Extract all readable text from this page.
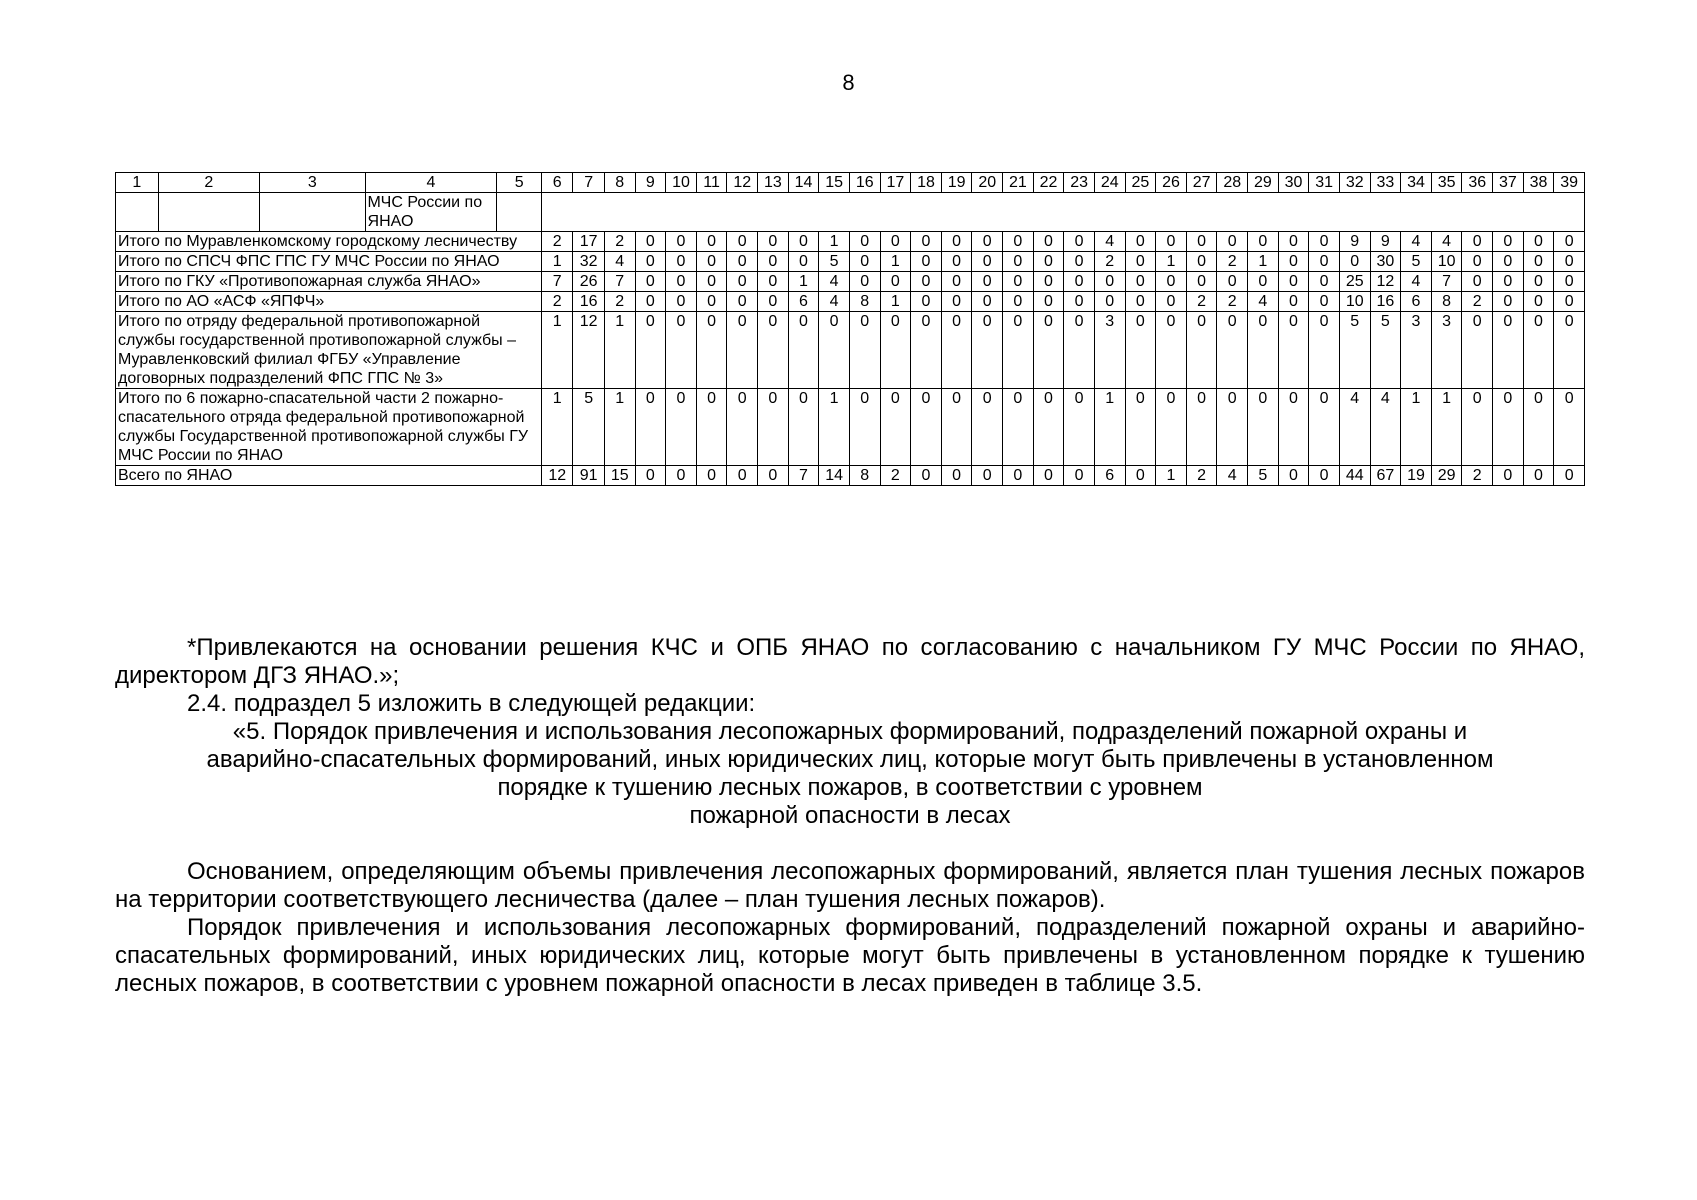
8
1	2	3	4	5	6	7	8	9	10	11	12	13	14	15	16	17	18	19	20	21	22	23	24	25	26	27	28	29	30	31	32	33	34	35	36	37	38	39
			МЧС России по ЯНАО																																			
Итого по Муравленкомскому городскому лесничеству					2	17	2	0	0	0	0	0	0	1	0	0	0	0	0	0	0	0	4	0	0	0	0	0	0	0	9	9	4	4	0	0	0	0
Итого по СПСЧ ФПС ГПС ГУ МЧС России по ЯНАО					1	32	4	0	0	0	0	0	0	5	0	1	0	0	0	0	0	0	2	0	1	0	2	1	0	0	0	30	5	10	0	0	0	0
Итого по ГКУ «Противопожарная служба ЯНАО»					7	26	7	0	0	0	0	0	1	4	0	0	0	0	0	0	0	0	0	0	0	0	0	0	0	0	25	12	4	7	0	0	0	0
Итого по АО «АСФ «ЯПФЧ»					2	16	2	0	0	0	0	0	6	4	8	1	0	0	0	0	0	0	0	0	0	2	2	4	0	0	10	16	6	8	2	0	0	0
Итого по отряду федеральной противопожарной службы государственной противопожарной службы – Муравленковский филиал ФГБУ «Управление договорных подразделений ФПС ГПС № 3»					1	12	1	0	0	0	0	0	0	0	0	0	0	0	0	0	0	0	3	0	0	0	0	0	0	0	5	5	3	3	0	0	0	0
Итого по 6 пожарно-спасательной части 2 пожарно-спасательного отряда федеральной противопожарной службы Государственной противопожарной службы ГУ МЧС России по ЯНАО					1	5	1	0	0	0	0	0	0	1	0	0	0	0	0	0	0	0	1	0	0	0	0	0	0	0	4	4	1	1	0	0	0	0
Всего по ЯНАО					12	91	15	0	0	0	0	0	7	14	8	2	0	0	0	0	0	0	6	0	1	2	4	5	0	0	44	67	19	29	2	0	0	0

*Привлекаются на основании решения КЧС и ОПБ ЯНАО по согласованию с начальником ГУ МЧС России по ЯНАО, директором ДГЗ ЯНАО.»;

2.4. подраздел 5 изложить в следующей редакции:

«5. Порядок привлечения и использования лесопожарных формирований, подразделений пожарной охраны и

аварийно-спасательных формирований, иных юридических лиц, которые могут быть привлечены в установленном

порядке к тушению лесных пожаров, в соответствии с уровнем

пожарной опасности в лесах

Основанием, определяющим объемы привлечения лесопожарных формирований, является план тушения лесных пожаров на территории соответствующего лесничества (далее – план тушения лесных пожаров).

Порядок привлечения и использования лесопожарных формирований, подразделений пожарной охраны и аварийно-спасательных формирований, иных юридических лиц, которые могут быть привлечены в установленном порядке к тушению лесных пожаров, в соответствии с уровнем пожарной опасности в лесах приведен в таблице 3.5.
